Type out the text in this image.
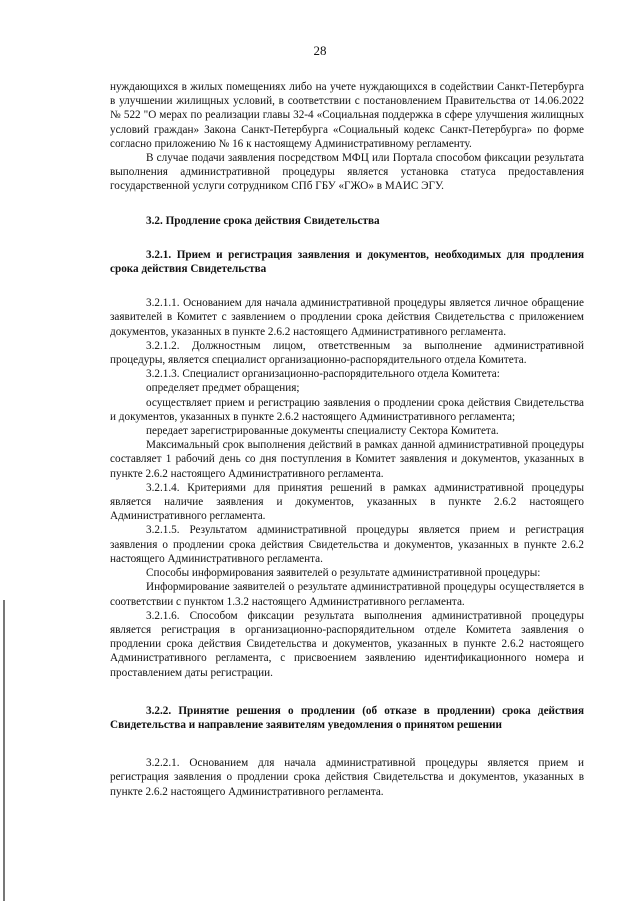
28

нуждающихся в жилых помещениях либо на учете нуждающихся в содействии Санкт-Петербурга в улучшении жилищных условий, в соответствии с постановлением Правительства от 14.06.2022 № 522 "О мерах по реализации главы 32-4 «Социальная поддержка в сфере улучшения жилищных условий граждан» Закона Санкт-Петербурга «Социальный кодекс Санкт-Петербурга» по форме согласно приложению № 16 к настоящему Административному регламенту.

В случае подачи заявления посредством МФЦ или Портала способом фиксации результата выполнения административной процедуры является установка статуса предоставления государственной услуги сотрудником СПб ГБУ «ГЖО» в МАИС ЭГУ.

3.2. Продление срока действия Свидетельства

3.2.1. Прием и регистрация заявления и документов, необходимых для продления срока действия Свидетельства

3.2.1.1. Основанием для начала административной процедуры является личное обращение заявителей в Комитет с заявлением о продлении срока действия Свидетельства с приложением документов, указанных в пункте 2.6.2 настоящего Административного регламента.

3.2.1.2. Должностным лицом, ответственным за выполнение административной процедуры, является специалист организационно-распорядительного отдела Комитета.

3.2.1.3. Специалист организационно-распорядительного отдела Комитета:

определяет предмет обращения;

осуществляет прием и регистрацию заявления о продлении срока действия Свидетельства и документов, указанных в пункте 2.6.2 настоящего Административного регламента;

передает зарегистрированные документы специалисту Сектора Комитета.

Максимальный срок выполнения действий в рамках данной административной процедуры составляет 1 рабочий день со дня поступления в Комитет заявления и документов, указанных в пункте 2.6.2 настоящего Административного регламента.

3.2.1.4. Критериями для принятия решений в рамках административной процедуры является наличие заявления и документов, указанных в пункте 2.6.2 настоящего Административного регламента.

3.2.1.5. Результатом административной процедуры является прием и регистрация заявления о продлении срока действия Свидетельства и документов, указанных в пункте 2.6.2 настоящего Административного регламента.

Способы информирования заявителей о результате административной процедуры:

Информирование заявителей о результате административной процедуры осуществляется в соответствии с пунктом 1.3.2 настоящего Административного регламента.

3.2.1.6. Способом фиксации результата выполнения административной процедуры является регистрация в организационно-распорядительном отделе Комитета заявления о продлении срока действия Свидетельства и документов, указанных в пункте 2.6.2 настоящего Административного регламента, с присвоением заявлению идентификационного номера и проставлением даты регистрации.

3.2.2. Принятие решения о продлении (об отказе в продлении) срока действия Свидетельства и направление заявителям уведомления о принятом решении

3.2.2.1. Основанием для начала административной процедуры является прием и регистрация заявления о продлении срока действия Свидетельства и документов, указанных в пункте 2.6.2 настоящего Административного регламента.
